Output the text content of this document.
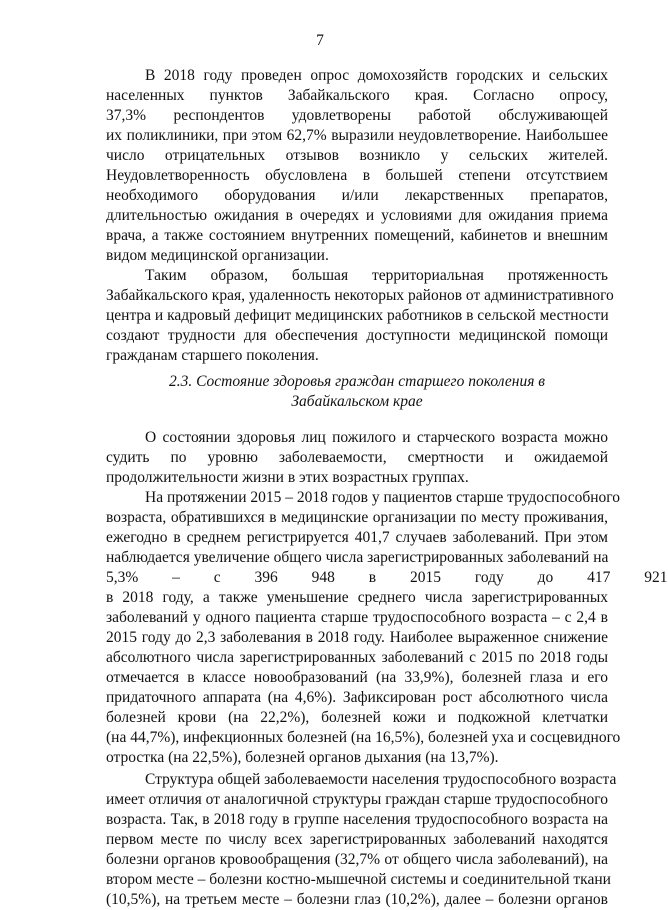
7
В 2018 году проведен опрос домохозяйств городских и сельских
населенных пунктов Забайкальского края. Согласно опросу,
37,3% респондентов удовлетворены работой обслуживающей
их поликлиники, при этом 62,7% выразили неудовлетворение. Наибольшее
число отрицательных отзывов возникло у сельских жителей.
Неудовлетворенность обусловлена в большей степени отсутствием
необходимого оборудования и/или лекарственных препаратов,
длительностью ожидания в очередях и условиями для ожидания приема
врача, а также состоянием внутренних помещений, кабинетов и внешним
видом медицинской организации.
Таким образом, большая территориальная протяженность
Забайкальского края, удаленность некоторых районов от административного
центра и кадровый дефицит медицинских работников в сельской местности
создают трудности для обеспечения доступности медицинской помощи
гражданам старшего поколения.
2.3. Состояние здоровья граждан старшего поколения в
Забайкальском крае
О состоянии здоровья лиц пожилого и старческого возраста можно
судить по уровню заболеваемости, смертности и ожидаемой
продолжительности жизни в этих возрастных группах.
На протяжении 2015 – 2018 годов у пациентов старше трудоспособного
возраста, обратившихся в медицинские организации по месту проживания,
ежегодно в среднем регистрируется 401,7 случаев заболеваний. При этом
наблюдается увеличение общего числа зарегистрированных заболеваний на
5,3% – с 396 948 в 2015 году до 417 921
в 2018 году, а также уменьшение среднего числа зарегистрированных
заболеваний у одного пациента старше трудоспособного возраста – с 2,4 в
2015 году до 2,3 заболевания в 2018 году. Наиболее выраженное снижение
абсолютного числа зарегистрированных заболеваний с 2015 по 2018 годы
отмечается в классе новообразований (на 33,9%), болезней глаза и его
придаточного аппарата (на 4,6%). Зафиксирован рост абсолютного числа
болезней крови (на 22,2%), болезней кожи и подкожной клетчатки
(на 44,7%), инфекционных болезней (на 16,5%), болезней уха и сосцевидного
отростка (на 22,5%), болезней органов дыхания (на 13,7%).
Структура общей заболеваемости населения трудоспособного возраста
имеет отличия от аналогичной структуры граждан старше трудоспособного
возраста. Так, в 2018 году в группе населения трудоспособного возраста на
первом месте по числу всех зарегистрированных заболеваний находятся
болезни органов кровообращения (32,7% от общего числа заболеваний), на
втором месте – болезни костно-мышечной системы и соединительной ткани
(10,5%), на третьем месте – болезни глаз (10,2%), далее – болезни органов
